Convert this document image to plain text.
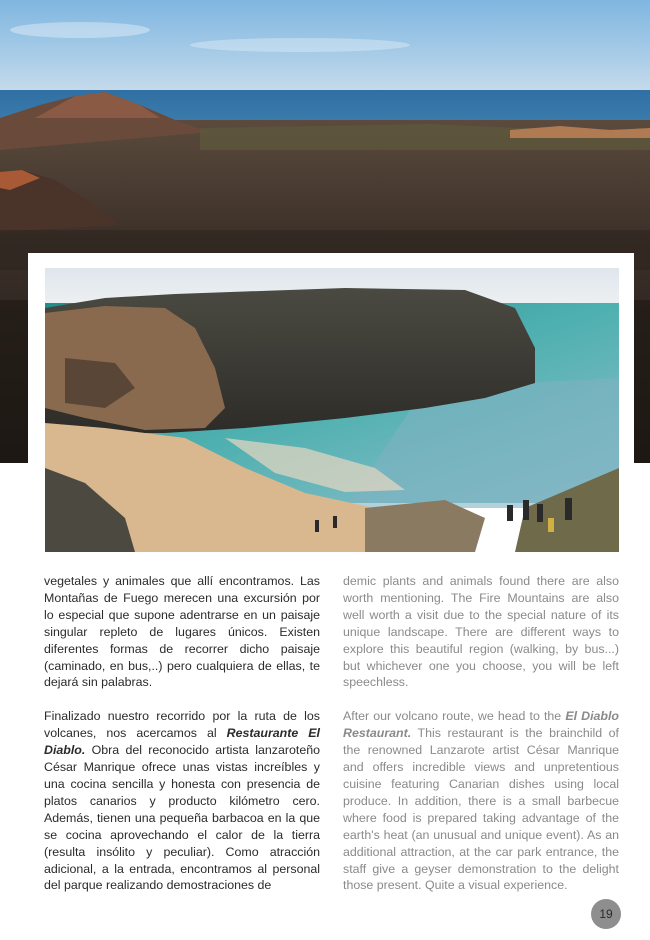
vegetales y animales que allí encontramos. Las Montañas de Fuego merecen una excursión por lo especial que supone adentrarse en un paisaje singular repleto de lugares únicos. Existen diferentes formas de recorrer dicho paisaje (caminado, en bus,..) pero cualquiera de ellas, te dejará sin palabras.

Finalizado nuestro recorrido por la ruta de los volcanes, nos acercamos al Restaurante El Diablo. Obra del reconocido artista lanzaroteño César Manrique ofrece unas vistas increíbles y una cocina sencilla y honesta con presencia de platos canarios y producto kilómetro cero. Además, tienen una pequeña barbacoa en la que se cocina aprovechando el calor de la tierra (resulta insólito y peculiar). Como atracción adicional, a la entrada, encontramos al personal del parque realizando demostraciones de

demic plants and animals found there are also worth mentioning. The Fire Mountains are also well worth a visit due to the special nature of its unique landscape. There are different ways to explore this beautiful region (walking, by bus...) but whichever one you choose, you will be left speechless.

After our volcano route, we head to the El Diablo Restaurant. This restaurant is the brainchild of the renowned Lanzarote artist César Manrique and offers incredible views and unpretentious cuisine featuring Canarian dishes using local produce. In addition, there is a small barbecue where food is prepared taking advantage of the earth's heat (an unusual and unique event). As an additional attraction, at the car park entrance, the staff give a geyser demonstration to the delight those present. Quite a visual experience.

19
